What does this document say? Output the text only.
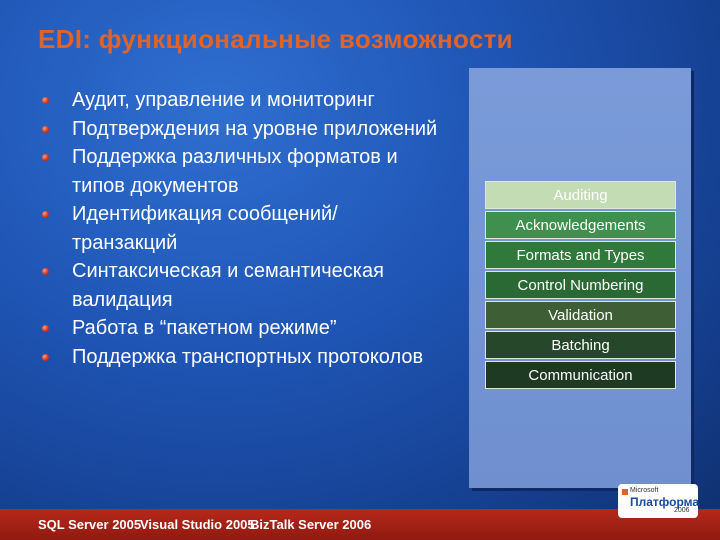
EDI: функциональные возможности
Аудит, управление и мониторинг
Подтверждения на уровне приложений
Поддержка различных форматов и типов документов
Идентификация сообщений/ транзакций
Синтаксическая и семантическая валидация
Работа в “пакетном режиме”
Поддержка транспортных протоколов
Auditing
Acknowledgements
Formats and Types
Control Numbering
Validation
Batching
Communication
SQL Server 2005
Visual Studio 2005
BizTalk Server 2006
Microsoft
Платформа
2006
